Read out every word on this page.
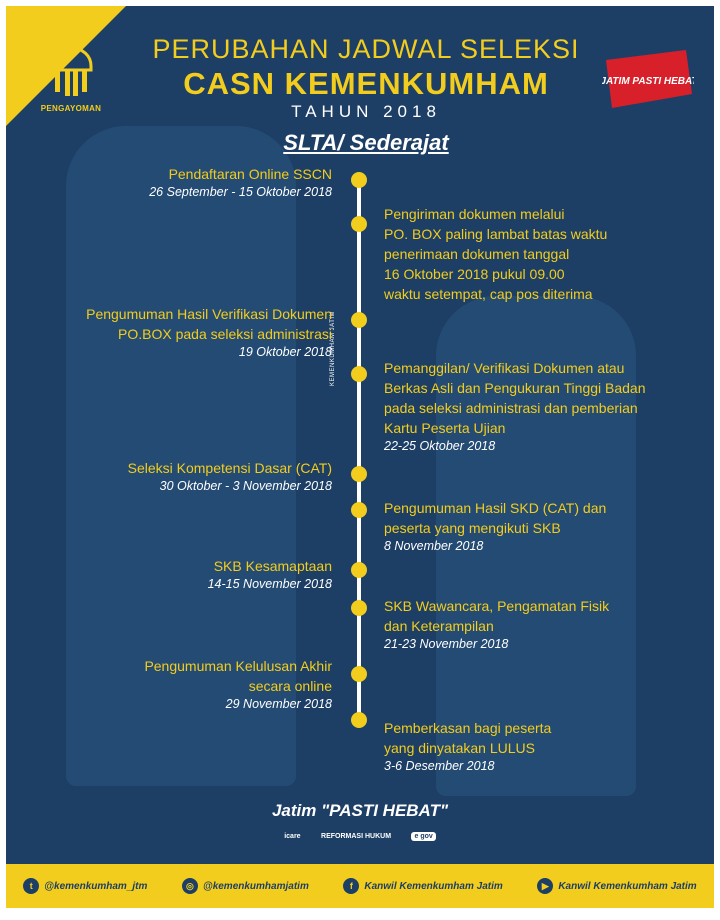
PENGAYOMAN
JATIM PASTI HEBAT
PERUBAHAN JADWAL SELEKSI
CASN KEMENKUMHAM
TAHUN 2018
SLTA/ Sederajat
KEMENKUMHAM JATIM
Pendaftaran Online SSCN
26 September - 15 Oktober 2018
Pengumuman Hasil Verifikasi Dokumen
PO.BOX pada seleksi administrasi
19 Oktober 2018
Seleksi Kompetensi Dasar (CAT)
30 Oktober - 3 November 2018
SKB Kesamaptaan
14-15 November 2018
Pengumuman Kelulusan Akhir
secara online
29 November 2018
Pengiriman dokumen melalui
PO. BOX paling lambat batas waktu
penerimaan dokumen tanggal
16 Oktober 2018 pukul 09.00
waktu setempat, cap pos diterima
Pemanggilan/ Verifikasi Dokumen atau
Berkas Asli dan Pengukuran Tinggi Badan
pada seleksi administrasi dan pemberian
Kartu Peserta Ujian
22-25 Oktober 2018
Pengumuman Hasil SKD (CAT) dan
peserta yang mengikuti SKB
8 November 2018
SKB Wawancara, Pengamatan Fisik
dan Keterampilan
21-23 November 2018
Pemberkasan bagi peserta
yang dinyatakan LULUS
3-6 Desember 2018
Jatim "PASTI HEBAT"
icare	REFORMASI HUKUM	e gov
t	@kemenkumham_jtm	◎ @kemenkumhamjatim	f	Kanwil Kemenkumham Jatim	▶ Kanwil Kemenkumham Jatim
